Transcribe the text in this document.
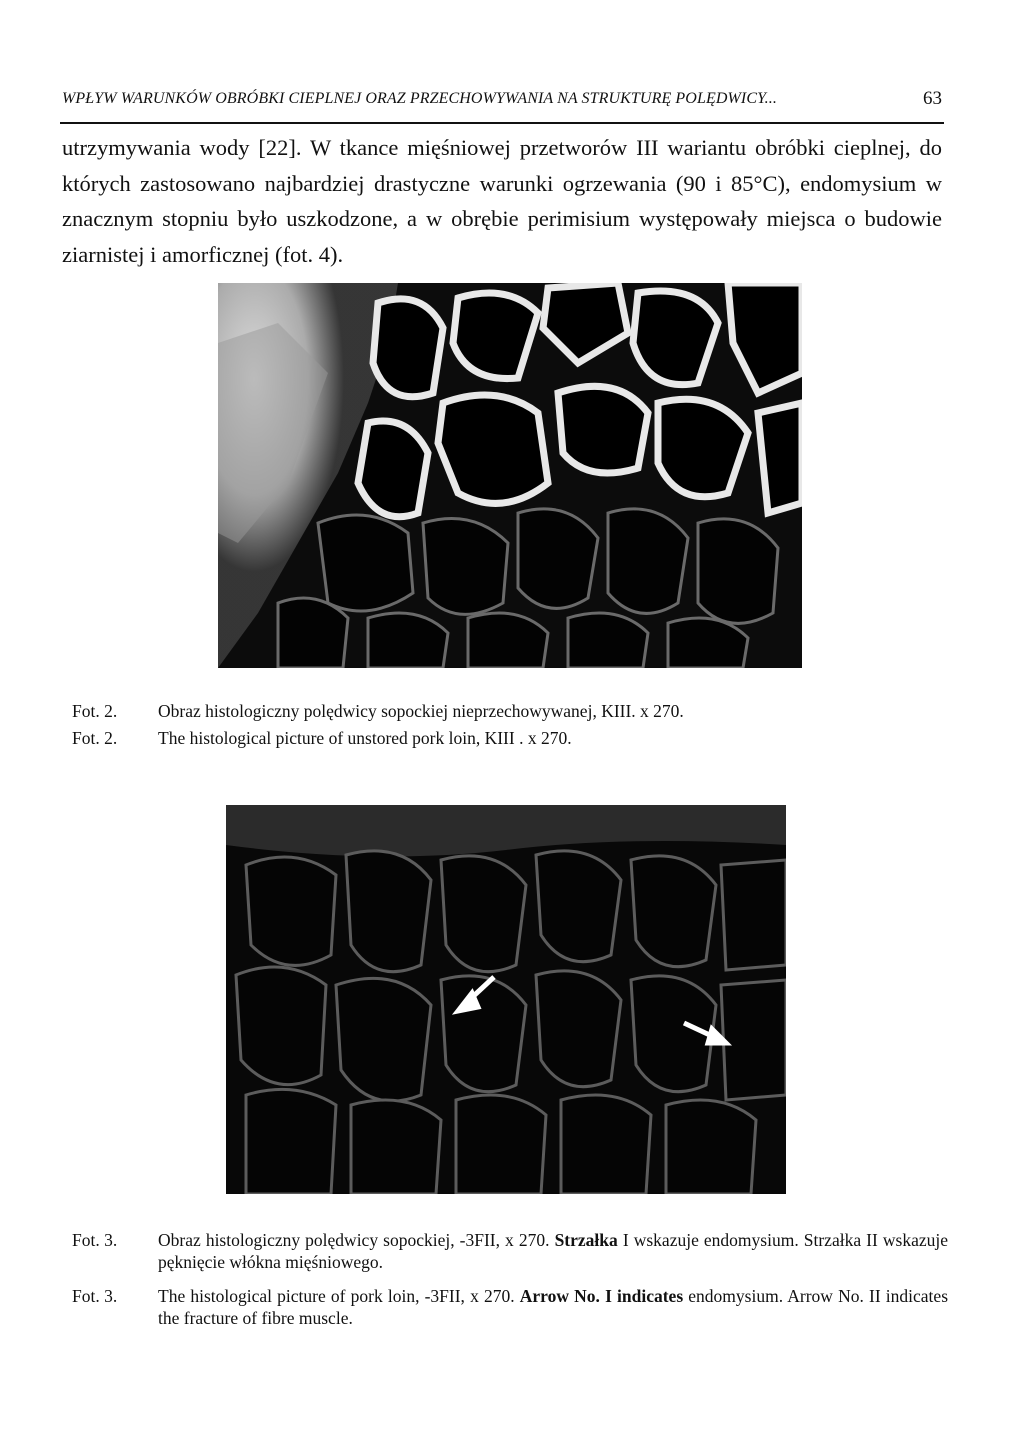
WPŁYW WARUNKÓW OBRÓBKI CIEPLNEJ ORAZ PRZECHOWYWANIA NA STRUKTURĘ POLĘDWICY...	63
utrzymywania wody [22]. W tkance mięśniowej przetworów III wariantu obróbki cieplnej, do których zastosowano najbardziej drastyczne warunki ogrzewania (90 i 85°C), endomysium w znacznym stopniu było uszkodzone, a w obrębie perimisium występowały miejsca o budowie ziarnistej i amorficznej (fot. 4).
Fot. 2. Obraz histologiczny polędwicy sopockiej nieprzechowywanej, KIII. x 270.
Fot. 2. The histological picture of unstored pork loin, KIII . x 270.
Fot. 3. Obraz histologiczny polędwicy sopockiej, -3FII, x 270. Strzałka I wskazuje endomysium. Strzałka II wskazuje pęknięcie włókna mięśniowego.
Fot. 3. The histological picture of pork loin, -3FII, x 270. Arrow No. I indicates endomysium. Arrow No. II indicates the fracture of fibre muscle.
